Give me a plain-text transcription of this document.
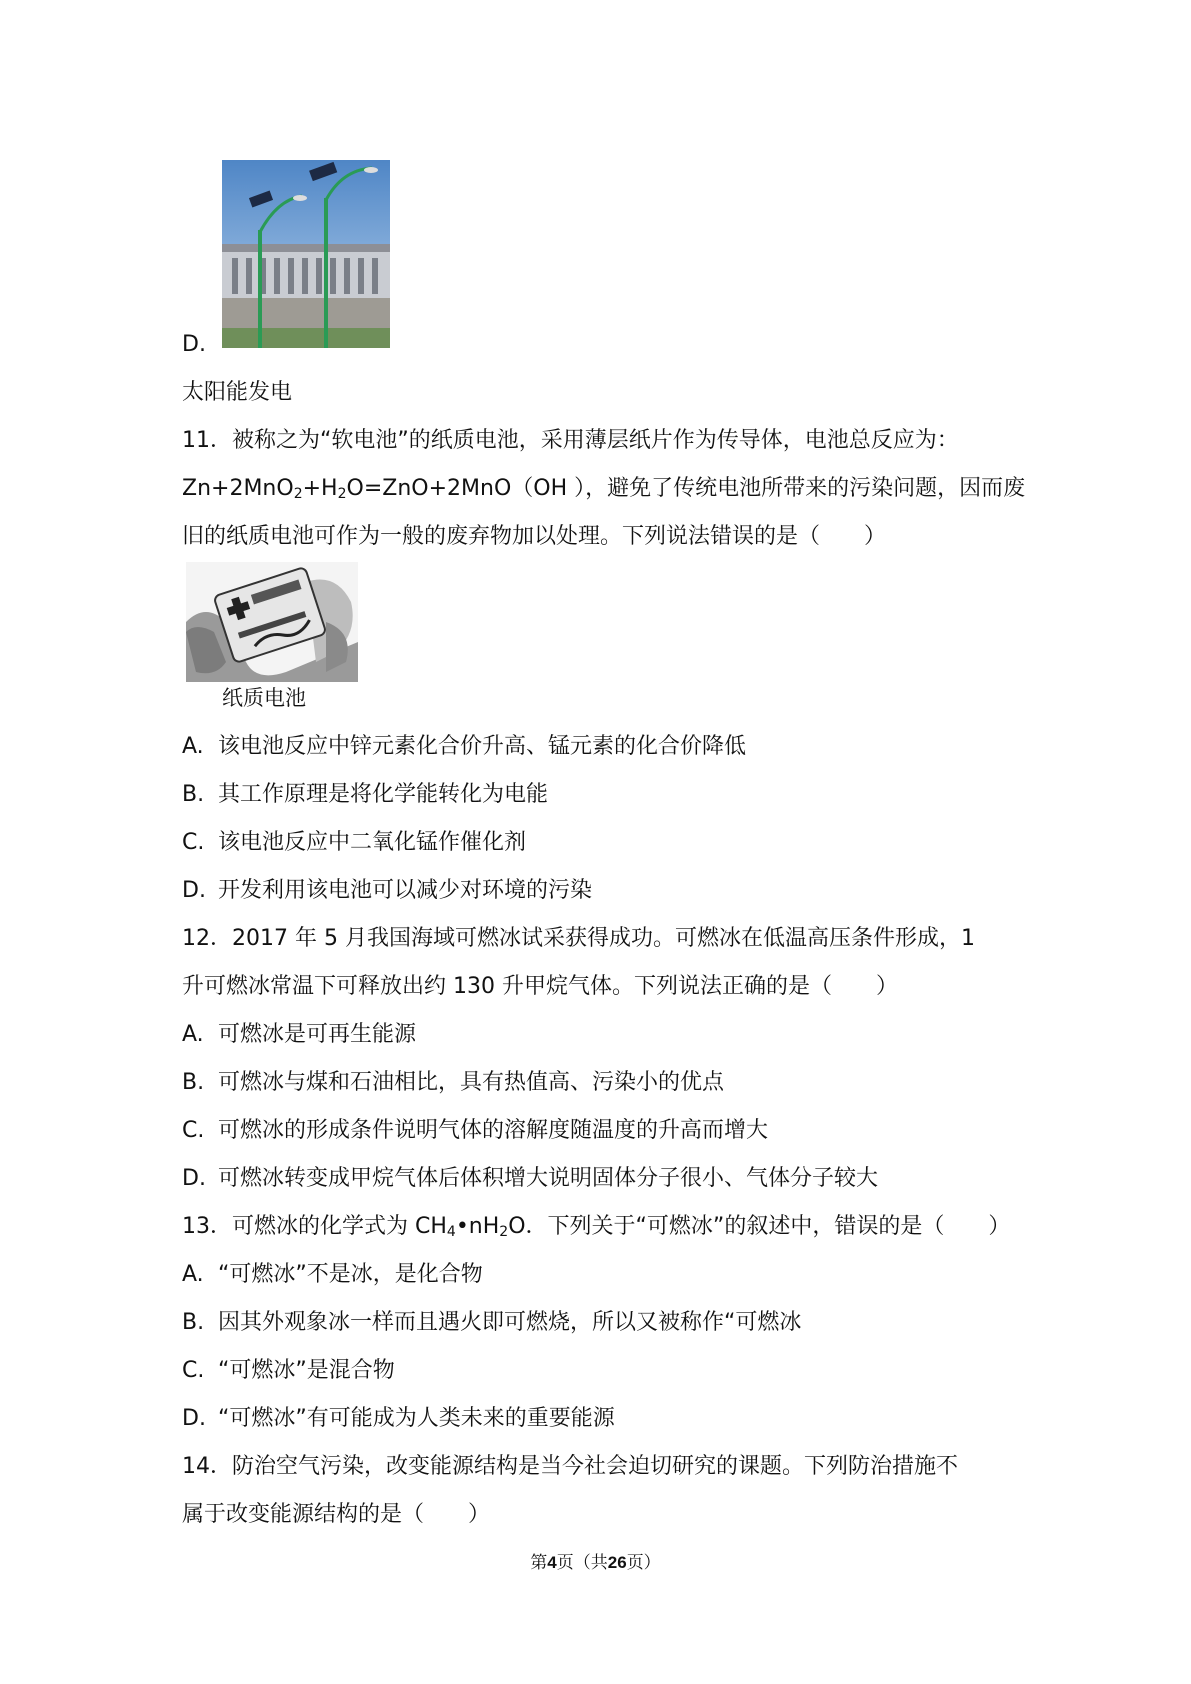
D.
太阳能发电
11．被称之为“软电池”的纸质电池，采用薄层纸片作为传导体，电池总反应为：
$Zn+2MnO_2+H_2O=ZnO+2MnO(OH$ ），避免了传统电池所带来的污染问题，因而废
旧的纸质电池可作为一般的废弃物加以处理。下列说法错误的是（　　）
纸质电池
A. 该电池反应中锌元素化合价升高、锰元素的化合价降低
B. 其工作原理是将化学能转化为电能
C. 该电池反应中二氧化锰作催化剂
D. 开发利用该电池可以减少对环境的污染
12．2017 年 5 月我国海域可燃冰试采获得成功。可燃冰在低温高压条件形成，1
升可燃冰常温下可释放出约 130 升甲烷气体。下列说法正确的是（　　）
A. 可燃冰是可再生能源
B. 可燃冰与煤和石油相比，具有热值高、污染小的优点
C. 可燃冰的形成条件说明气体的溶解度随温度的升高而增大
D. 可燃冰转变成甲烷气体后体积增大说明固体分子很小、气体分子较大
13．可燃冰的化学式为 $CH_4•nH_2O$．下列关于“可燃冰”的叙述中，错误的是（　　）
A. “可燃冰”不是冰，是化合物
B. 因其外观象冰一样而且遇火即可燃烧，所以又被称作“可燃冰
C. “可燃冰”是混合物
D. “可燃冰”有可能成为人类未来的重要能源
14．防治空气污染，改变能源结构是当今社会迫切研究的课题。下列防治措施不
属于改变能源结构的是（　　）
第4页（共26页）
